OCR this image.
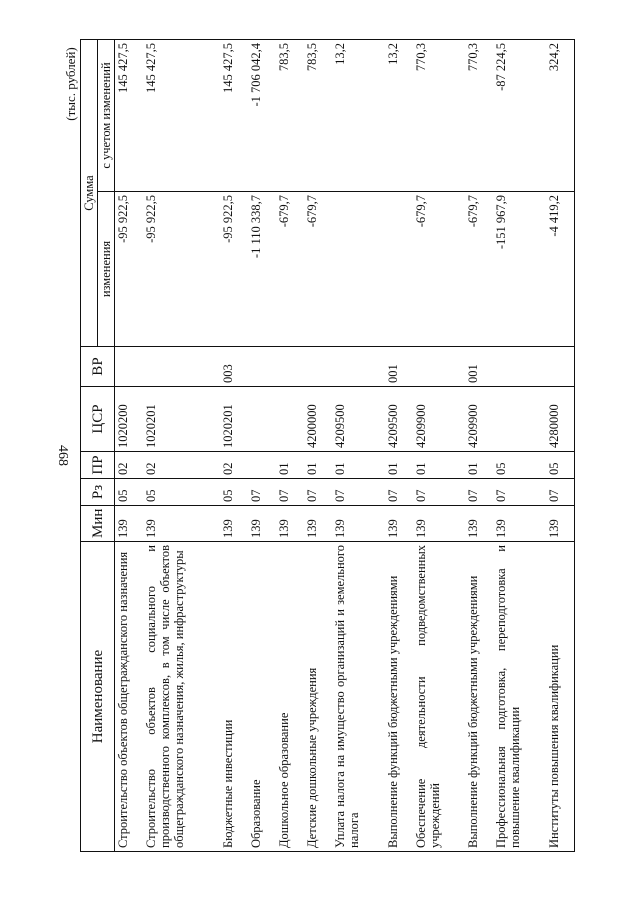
468
(тыс. рублей)
Наименование	Мин	Рз	ПР	ЦСР	ВР	Сумма	
						изменения	с учетом изменений
Строительство объектов общегражданского назначения	139	05	02	1020200		-95 922,5	145 427,5
Строительство объектов социального и производственного комплексов, в том числе объектов общегражданского назначения, жилья, инфраструктуры	139	05	02	1020201		-95 922,5	145 427,5
Бюджетные инвестиции	139	05	02	1020201	003	-95 922,5	145 427,5
Образование	139	07				-1 110 338,7	-1 706 042,4
Дошкольное образование	139	07	01			-679,7	783,5
Детские дошкольные учреждения	139	07	01	4200000		-679,7	783,5
Уплата налога на имущество организаций и земельного налога	139	07	01	4209500			13,2
Выполнение функций бюджетными учреждениями	139	07	01	4209500	001		13,2
Обеспечение деятельности подведомственных учреждений	139	07	01	4209900		-679,7	770,3
Выполнение функций бюджетными учреждениями	139	07	01	4209900	001	-679,7	770,3
Профессиональная подготовка, переподготовка и повышение квалификации	139	07	05			-151 967,9	-87 224,5
Институты повышения квалификации	139	07	05	4280000		-4 419,2	324,2
